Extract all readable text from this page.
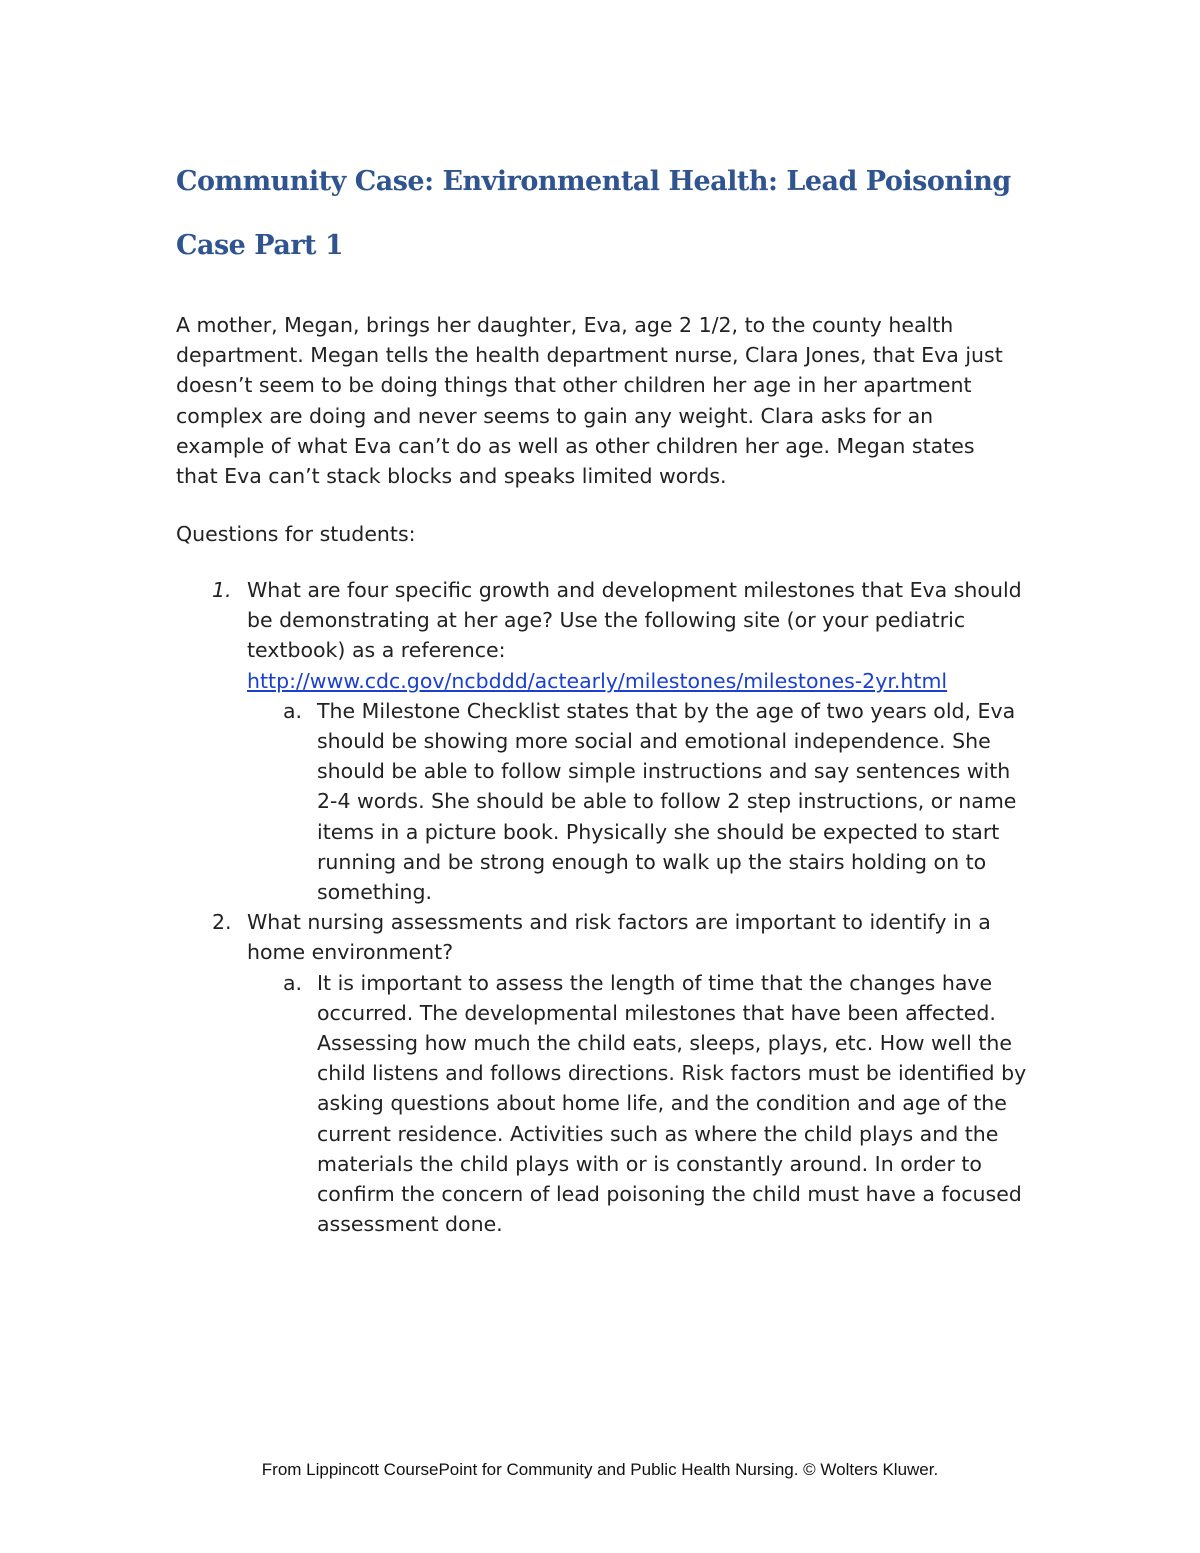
Community Case: Environmental Health: Lead Poisoning
Case Part 1

A mother, Megan, brings her daughter, Eva, age 2 1/2, to the county health department. Megan tells the health department nurse, Clara Jones, that Eva just doesn’t seem to be doing things that other children her age in her apartment complex are doing and never seems to gain any weight. Clara asks for an example of what Eva can’t do as well as other children her age. Megan states that Eva can’t stack blocks and speaks limited words.

Questions for students:

1. What are four specific growth and development milestones that Eva should be demonstrating at her age? Use the following site (or your pediatric textbook) as a reference:
http://www.cdc.gov/ncbddd/actearly/milestones/milestones-2yr.html
a. The Milestone Checklist states that by the age of two years old, Eva should be showing more social and emotional independence. She should be able to follow simple instructions and say sentences with 2-4 words. She should be able to follow 2 step instructions, or name items in a picture book. Physically she should be expected to start running and be strong enough to walk up the stairs holding on to something.
2. What nursing assessments and risk factors are important to identify in a home environment?
a. It is important to assess the length of time that the changes have occurred. The developmental milestones that have been affected. Assessing how much the child eats, sleeps, plays, etc. How well the child listens and follows directions. Risk factors must be identified by asking questions about home life, and the condition and age of the current residence. Activities such as where the child plays and the materials the child plays with or is constantly around. In order to confirm the concern of lead poisoning the child must have a focused assessment done.
From Lippincott CoursePoint for Community and Public Health Nursing. © Wolters Kluwer.
